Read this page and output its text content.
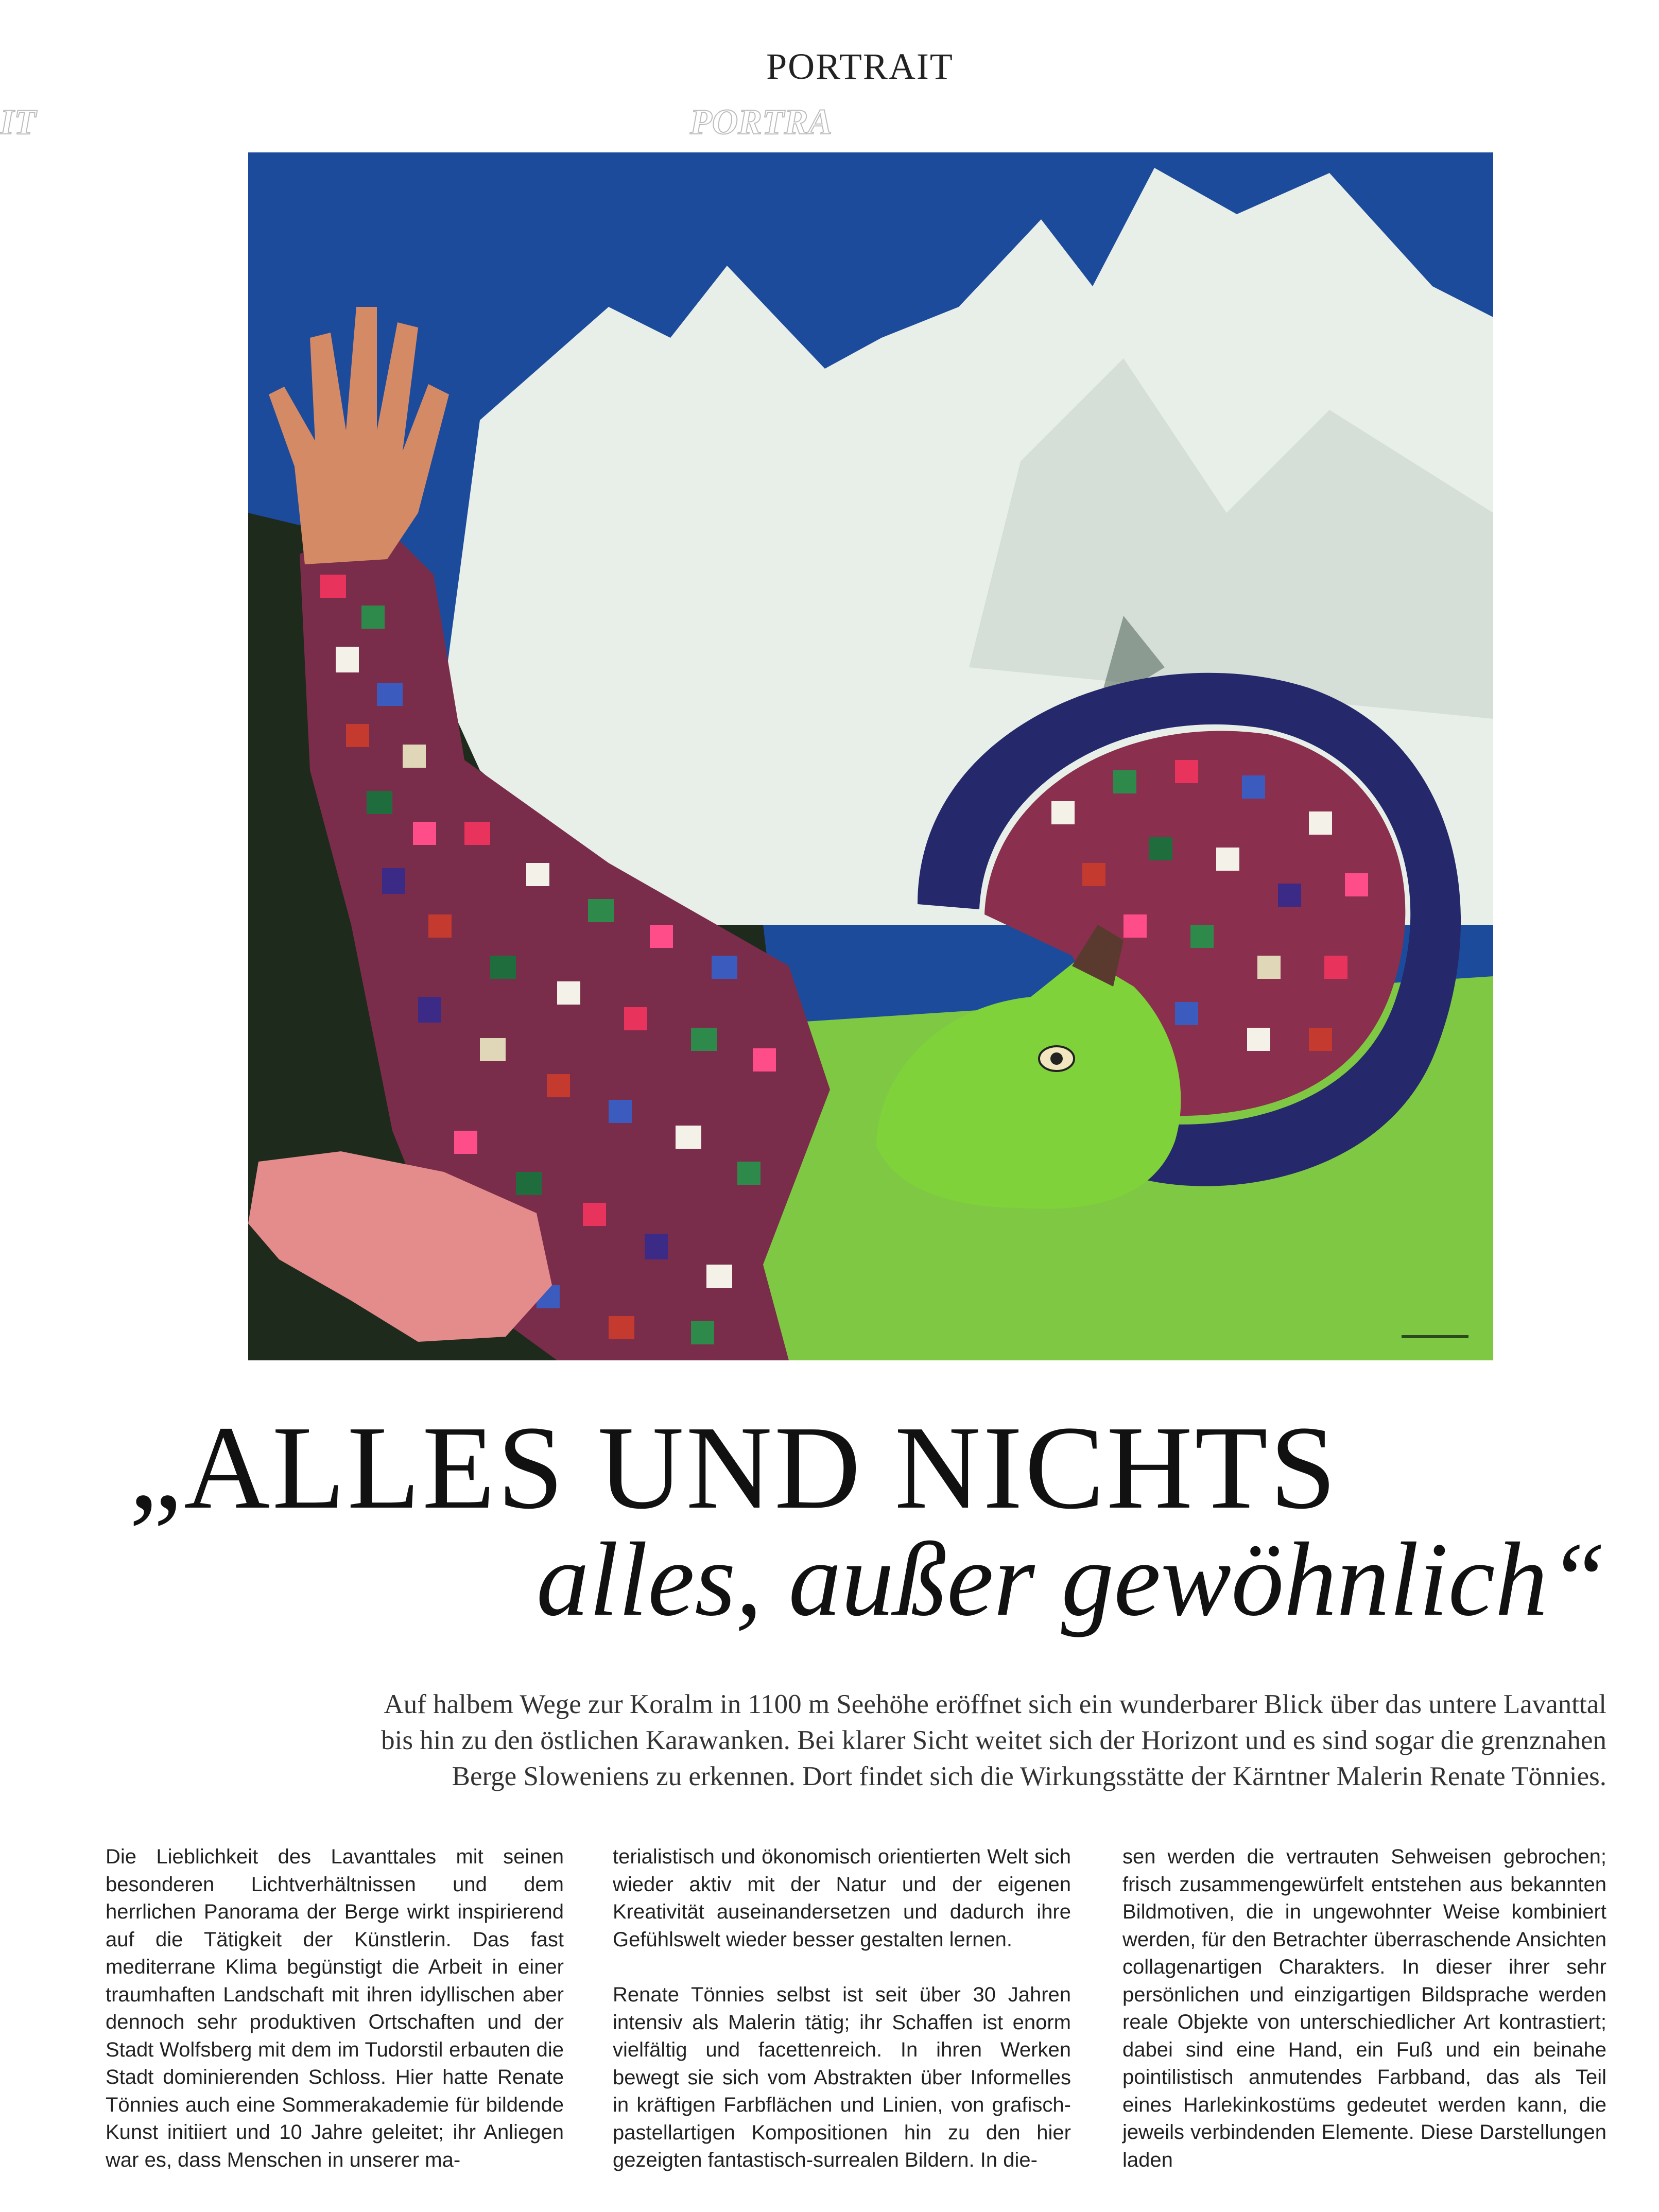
IT	PORTRA
PORTRAIT
„ALLES UND NICHTS
alles, außer gewöhnlich“

Auf halbem Wege zur Koralm in 1100 m Seehöhe eröffnet sich ein wunderbarer Blick über das untere Lavanttal

bis hin zu den östlichen Karawanken. Bei klarer Sicht weitet sich der Horizont und es sind sogar die grenznahen

Berge Sloweniens zu erkennen. Dort findet sich die Wirkungsstätte der Kärntner Malerin Renate Tönnies.

Die Lieblichkeit des Lavanttales mit seinen besonderen Lichtverhältnissen und dem herrlichen Panorama der Berge wirkt inspirierend auf die Tätigkeit der Künstlerin. Das fast mediterrane Klima begünstigt die Arbeit in einer traumhaften Landschaft mit ihren idyllischen aber dennoch sehr produktiven Ortschaften und der Stadt Wolfsberg mit dem im Tudorstil erbauten die Stadt dominierenden Schloss. Hier hatte Renate Tönnies auch eine Sommerakademie für bildende Kunst initiiert und 10 Jahre geleitet; ihr Anliegen war es, dass Menschen in unserer ma-

terialistisch und ökonomisch orientierten Welt sich wieder aktiv mit der Natur und der eigenen Kreativität auseinandersetzen und dadurch ihre Gefühlswelt wieder besser gestalten lernen.

Renate Tönnies selbst ist seit über 30 Jahren intensiv als Malerin tätig; ihr Schaffen ist enorm vielfältig und facettenreich. In ihren Werken bewegt sie sich vom Abstrakten über Informelles in kräftigen Farbflächen und Linien, von grafisch-pastellartigen Kompositionen hin zu den hier gezeigten fantastisch-surrealen Bildern. In die-

sen werden die vertrauten Sehweisen gebrochen; frisch zusammengewürfelt entstehen aus bekannten Bildmotiven, die in ungewohnter Weise kombiniert werden, für den Betrachter überraschende Ansichten collagenartigen Charakters. In dieser ihrer sehr persönlichen und einzigartigen Bildsprache werden reale Objekte von unterschiedlicher Art kontrastiert; dabei sind eine Hand, ein Fuß und ein beinahe pointilistisch anmutendes Farbband, das als Teil eines Harlekinkostüms gedeutet werden kann, die jeweils verbindenden Elemente. Diese Darstellungen laden
